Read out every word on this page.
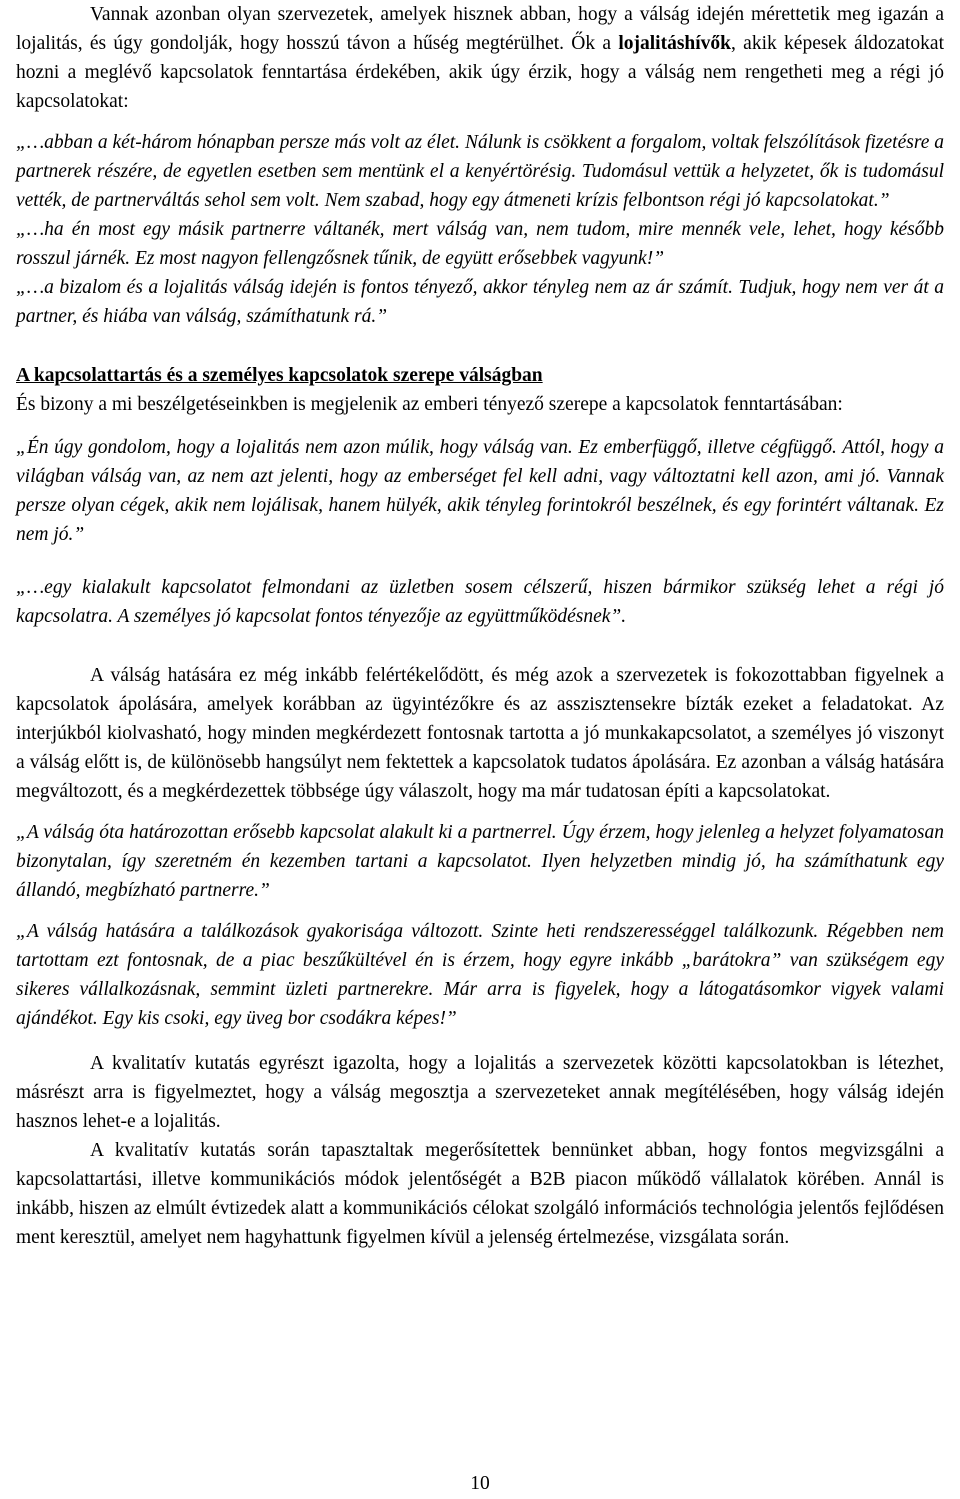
Vannak azonban olyan szervezetek, amelyek hisznek abban, hogy a válság idején mérettetik meg igazán a lojalitás, és úgy gondolják, hogy hosszú távon a hűség megtérülhet. Ők a lojalitáshívők, akik képesek áldozatokat hozni a meglévő kapcsolatok fenntartása érdekében, akik úgy érzik, hogy a válság nem rengetheti meg a régi jó kapcsolatokat:

„…abban a két-három hónapban persze más volt az élet. Nálunk is csökkent a forgalom, voltak felszólítások fizetésre a partnerek részére, de egyetlen esetben sem mentünk el a kenyértörésig. Tudomásul vettük a helyzetet, ők is tudomásul vették, de partnerváltás sehol sem volt. Nem szabad, hogy egy átmeneti krízis felbontson régi jó kapcsolatokat.”

„…ha én most egy másik partnerre váltanék, mert válság van, nem tudom, mire mennék vele, lehet, hogy később rosszul járnék. Ez most nagyon fellengzősnek tűnik, de együtt erősebbek vagyunk!”

„…a bizalom és a lojalitás válság idején is fontos tényező, akkor tényleg nem az ár számít. Tudjuk, hogy nem ver át a partner, és hiába van válság, számíthatunk rá.”

A kapcsolattartás és a személyes kapcsolatok szerepe válságban

És bizony a mi beszélgetéseinkben is megjelenik az emberi tényező szerepe a kapcsolatok fenntartásában:

„Én úgy gondolom, hogy a lojalitás nem azon múlik, hogy válság van. Ez emberfüggő, illetve cégfüggő. Attól, hogy a világban válság van, az nem azt jelenti, hogy az emberséget fel kell adni, vagy változtatni kell azon, ami jó. Vannak persze olyan cégek, akik nem lojálisak, hanem hülyék, akik tényleg forintokról beszélnek, és egy forintért váltanak. Ez nem jó.”

„…egy kialakult kapcsolatot felmondani az üzletben sosem célszerű, hiszen bármikor szükség lehet a régi jó kapcsolatra. A személyes jó kapcsolat fontos tényezője az együttműködésnek”.

A válság hatására ez még inkább felértékelődött, és még azok a szervezetek is fokozottabban figyelnek a kapcsolatok ápolására, amelyek korábban az ügyintézőkre és az asszisztensekre bízták ezeket a feladatokat. Az interjúkból kiolvasható, hogy minden megkérdezett fontosnak tartotta a jó munkakapcsolatot, a személyes jó viszonyt a válság előtt is, de különösebb hangsúlyt nem fektettek a kapcsolatok tudatos ápolására. Ez azonban a válság hatására megváltozott, és a megkérdezettek többsége úgy válaszolt, hogy ma már tudatosan építi a kapcsolatokat.

„A válság óta határozottan erősebb kapcsolat alakult ki a partnerrel. Úgy érzem, hogy jelenleg a helyzet folyamatosan bizonytalan, így szeretném én kezemben tartani a kapcsolatot. Ilyen helyzetben mindig jó, ha számíthatunk egy állandó, megbízható partnerre.”

„A válság hatására a találkozások gyakorisága változott. Szinte heti rendszerességgel találkozunk. Régebben nem tartottam ezt fontosnak, de a piac beszűkültével én is érzem, hogy egyre inkább „barátokra” van szükségem egy sikeres vállalkozásnak, semmint üzleti partnerekre. Már arra is figyelek, hogy a látogatásomkor vigyek valami ajándékot. Egy kis csoki, egy üveg bor csodákra képes!”

A kvalitatív kutatás egyrészt igazolta, hogy a lojalitás a szervezetek közötti kapcsolatokban is létezhet, másrészt arra is figyelmeztet, hogy a válság megosztja a szervezeteket annak megítélésében, hogy válság idején hasznos lehet-e a lojalitás.

A kvalitatív kutatás során tapasztaltak megerősítettek bennünket abban, hogy fontos megvizsgálni a kapcsolattartási, illetve kommunikációs módok jelentőségét a B2B piacon működő vállalatok körében. Annál is inkább, hiszen az elmúlt évtizedek alatt a kommunikációs célokat szolgáló információs technológia jelentős fejlődésen ment keresztül, amelyet nem hagyhattunk figyelmen kívül a jelenség értelmezése, vizsgálata során.

10
